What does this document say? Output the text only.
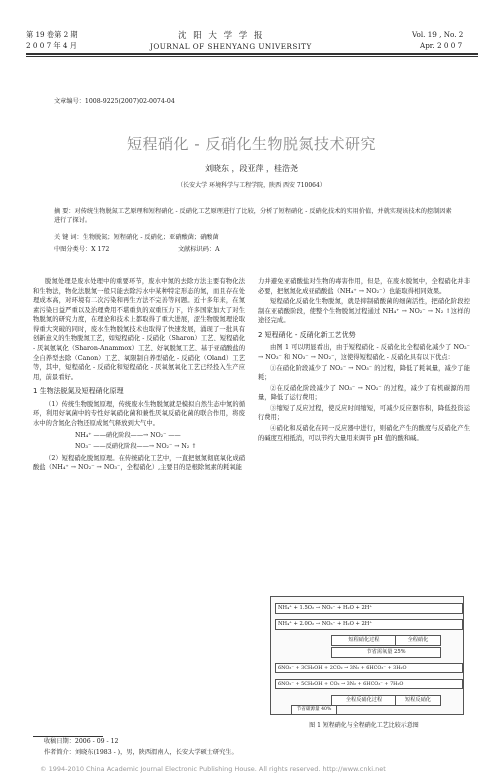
第 19 卷第 2 期
2 0 0 7 年 4 月
沈 阳 大 学 学 报
JOURNAL OF SHENYANG UNIVERSITY
Vol. 19 , No. 2
Apr. 2 0 0 7
文章编号：1008-9225(2007)02-0074-04
短程硝化 - 反硝化生物脱氮技术研究
刘晓东 ，段亚萍 ，桂浩尧
（长安大学 环境科学与工程学院，陕西 西安 710064）
摘 要：对传统生物脱氮工艺原理和短程硝化 - 反硝化工艺原理进行了比较，分析了短程硝化 - 反硝化技术的实用价值，并就实现该技术的控制因素进行了探讨。
关 键 词：生物脱氮；短程硝化 - 反硝化；亚硝酸菌；硝酸菌
中图分类号：X 172	文献标识码：A

脱氮处理是废水处理中的重要环节，废水中氮的去除方法主要有物化法和生物法，物化法脱氮一般只能去除污水中某种特定形态的氮，而且存在处理成本高，对环境有二次污染和再生方法不完善等问题。近十多年来，在氮素污染日益严重以及治理费用不堪重负的双重压力下，许多国家加大了对生物脱氮的研究力度，在理论和技术上都取得了重大进展，涩生物脱氮理论取得重大突破的同时，废水生物脱氮技术也取得了快速发展，涌现了一批具有创新意义的生物脱氮工艺，如短程硝化 - 反硝化（Sharon）工艺、短程硝化 - 厌氧氨氧化（Sharon-Anammox）工艺、好氧脱氮工艺、基于亚硝酸盐的全自养型去除（Canon）工艺、氧限制自养型硝化 - 反硝化（Oland）工艺等，其中，短程硝化 - 反硝化和短程硝化 - 厌氧氨氧化工艺已经投入生产应用，前景看好。

1 生物法脱氮及短程硝化原理

（1）传统生物脱氮原理，传统废水生物脱氮就是模拟自然生态中氮的循环，利用好氧菌中的专性好氧硝化菌和兼性厌氧反硝化菌的联合作用，将废水中的含氮化合物还原成氮气释放到大气中。

NH₄⁺ ——硝化阶段——→ NO₂⁻ ——
NO₃⁻ ——反硝化阶段——→ NO₂⁻ → N₂ ↑

（2）短程硝化脱氮原理。在传统硝化工艺中，一直把氨氮彻底氧化成硝酸盐（NH₄⁺ → NO₂⁻ → NO₃⁻，全程硝化）,主要目的是根除氮素的耗氧能

力并避免亚硝酸盐对生物的毒害作用，但是，在废水脱氮中，全程硝化并非必要，把氨氮化成亚硝酸盐（NH₄⁺ → NO₂⁻）也能取得相同效果。

短程硝化反硝化生物脱氮，就是抑制硝酸菌的细菌活性，把硝化阶段控制在亚硝酸阶段，使整个生物脱氮过程通过 NH₄⁺ → NO₂⁻ → N₂ ↑这样的途径完成。

2 短程硝化 - 反硝化新工艺优势

由图 1 可以明显看出，由于短程硝化 - 反硝化比全程硝化减少了 NO₂⁻ → NO₃⁻ 和 NO₃⁻ → NO₂⁻，这使得短程硝化 - 反硝化具有以下优点：

①在硝化阶段减少了 NO₂⁻ → NO₃⁻ 的过程，降低了耗氧量，减少了能耗；

②在反硝化阶段减少了 NO₃⁻ → NO₂⁻ 的过程，减少了有机碳源的用量，降低了运行费用；

③缩短了反应过程，使反应时间缩短，可减少反应器容积，降低投资运行费用；

④硝化和反硝化在同一反应器中进行，则硝化产生的酸度与反硝化产生的碱度互相抵消，可以节约大量用来调节 pH 值的酸和碱。

NH₄⁺ + 1.5O₂ → NO₂⁻ + H₂O + 2H⁺
NH₄⁺ + 2.0O₂ → NO₃⁻ + H₂O + 2H⁺
短程硝化过程	全程硝化
节省需氧量 25%
6NO₃⁻ + 3CH₃OH + 2CO₂ → 3N₂ + 6HCO₃⁻ + 3H₂O
6NO₂⁻ + 5CH₃OH + CO₂ → 3N₂ + 6HCO₃⁻ + 7H₂O
全程反硝化过程	短程反硝化
节省碳源量 40%
图 1 短程硝化与全程硝化工艺比较示意图
收稿日期：2006 - 09 - 12
作者简介：刘晓东(1983 - )，男，陕西渭南人，长安大学硕士研究生。
© 1994-2010 China Academic Journal Electronic Publishing House. All rights reserved. http://www.cnki.net
